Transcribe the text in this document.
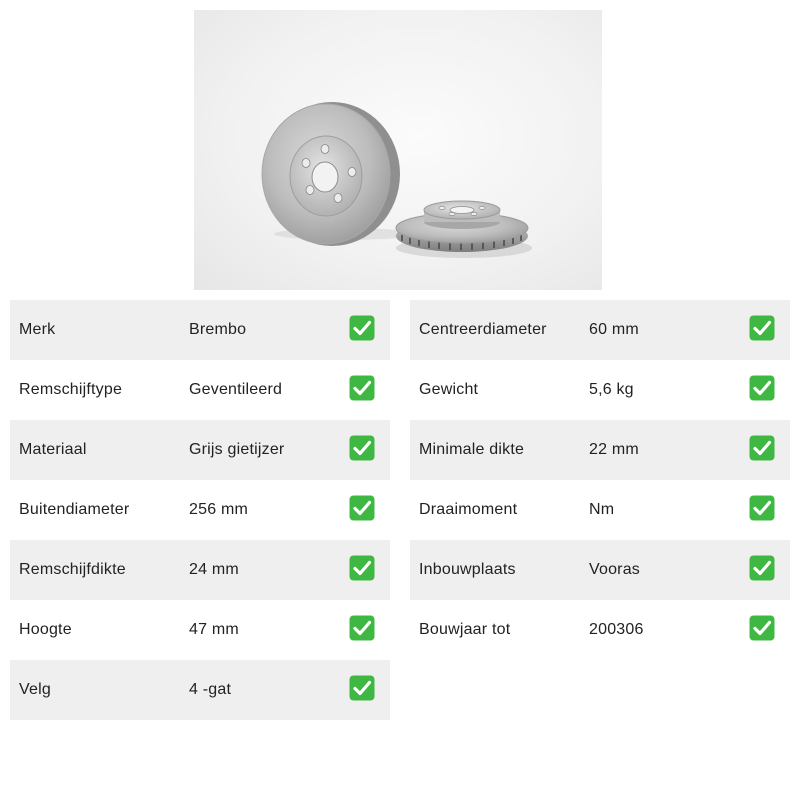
Merk	Brembo
Remschijftype	Geventileerd
Materiaal	Grijs gietijzer
Buitendiameter	256 mm
Remschijfdikte	24 mm
Hoogte	47 mm
Velg	4 -gat
Centreerdiameter	60 mm
Gewicht	5,6 kg
Minimale dikte	22 mm
Draaimoment	Nm
Inbouwplaats	Vooras
Bouwjaar tot	200306
